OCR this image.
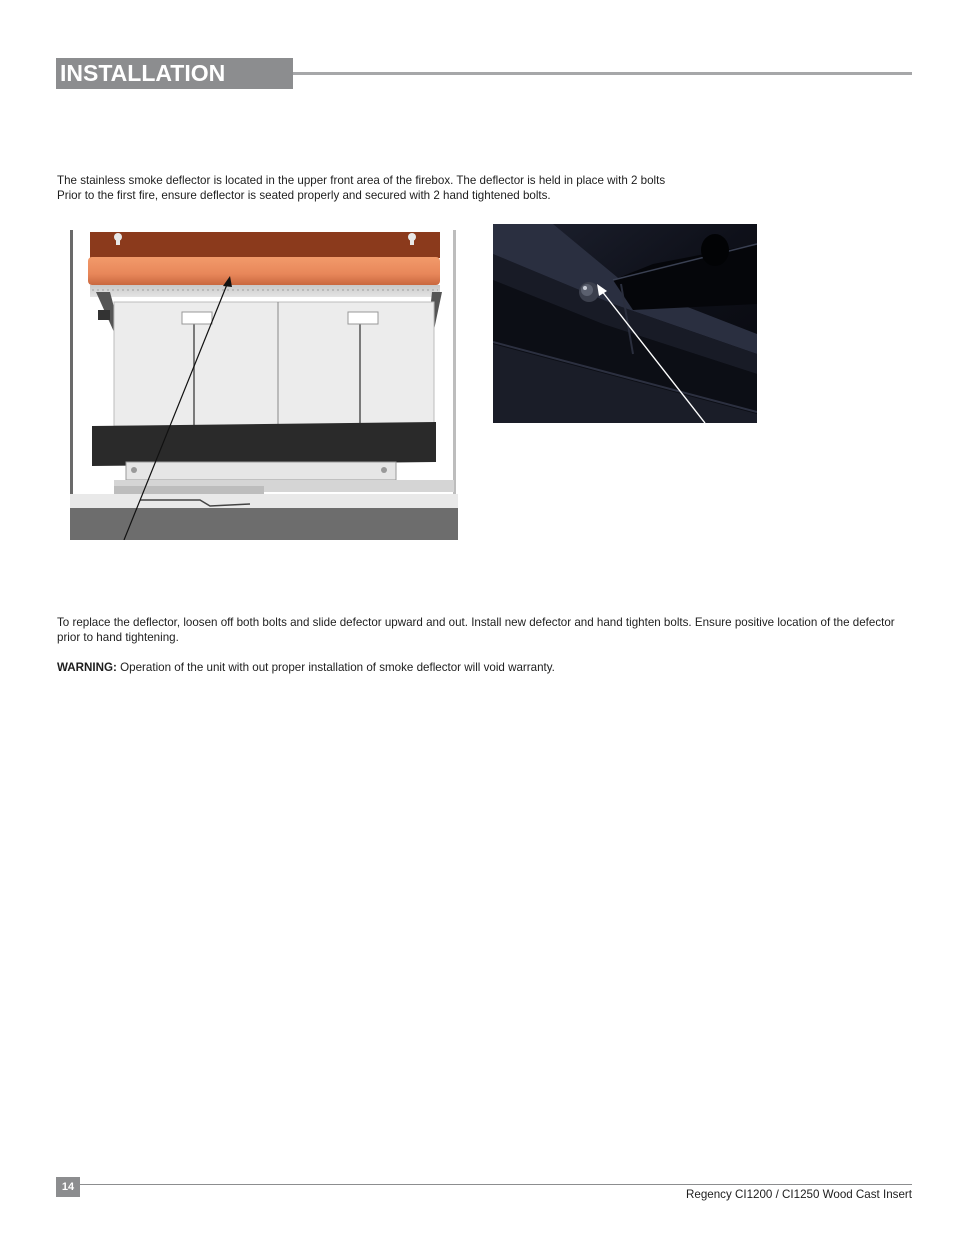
INSTALLATION
The stainless smoke deflector is located in the upper front area of the firebox. The deflector is held in place with 2 bolts
Prior to the first fire, ensure deflector is seated properly and secured with 2 hand tightened bolts.
To replace the deflector, loosen off both bolts and slide defector upward and out. Install new defector and hand tighten bolts. Ensure positive location of the defector prior to hand tightening.
WARNING: Operation of the unit with out proper installation of smoke deflector will void warranty.
14
Regency CI1200 / CI1250 Wood Cast Insert
